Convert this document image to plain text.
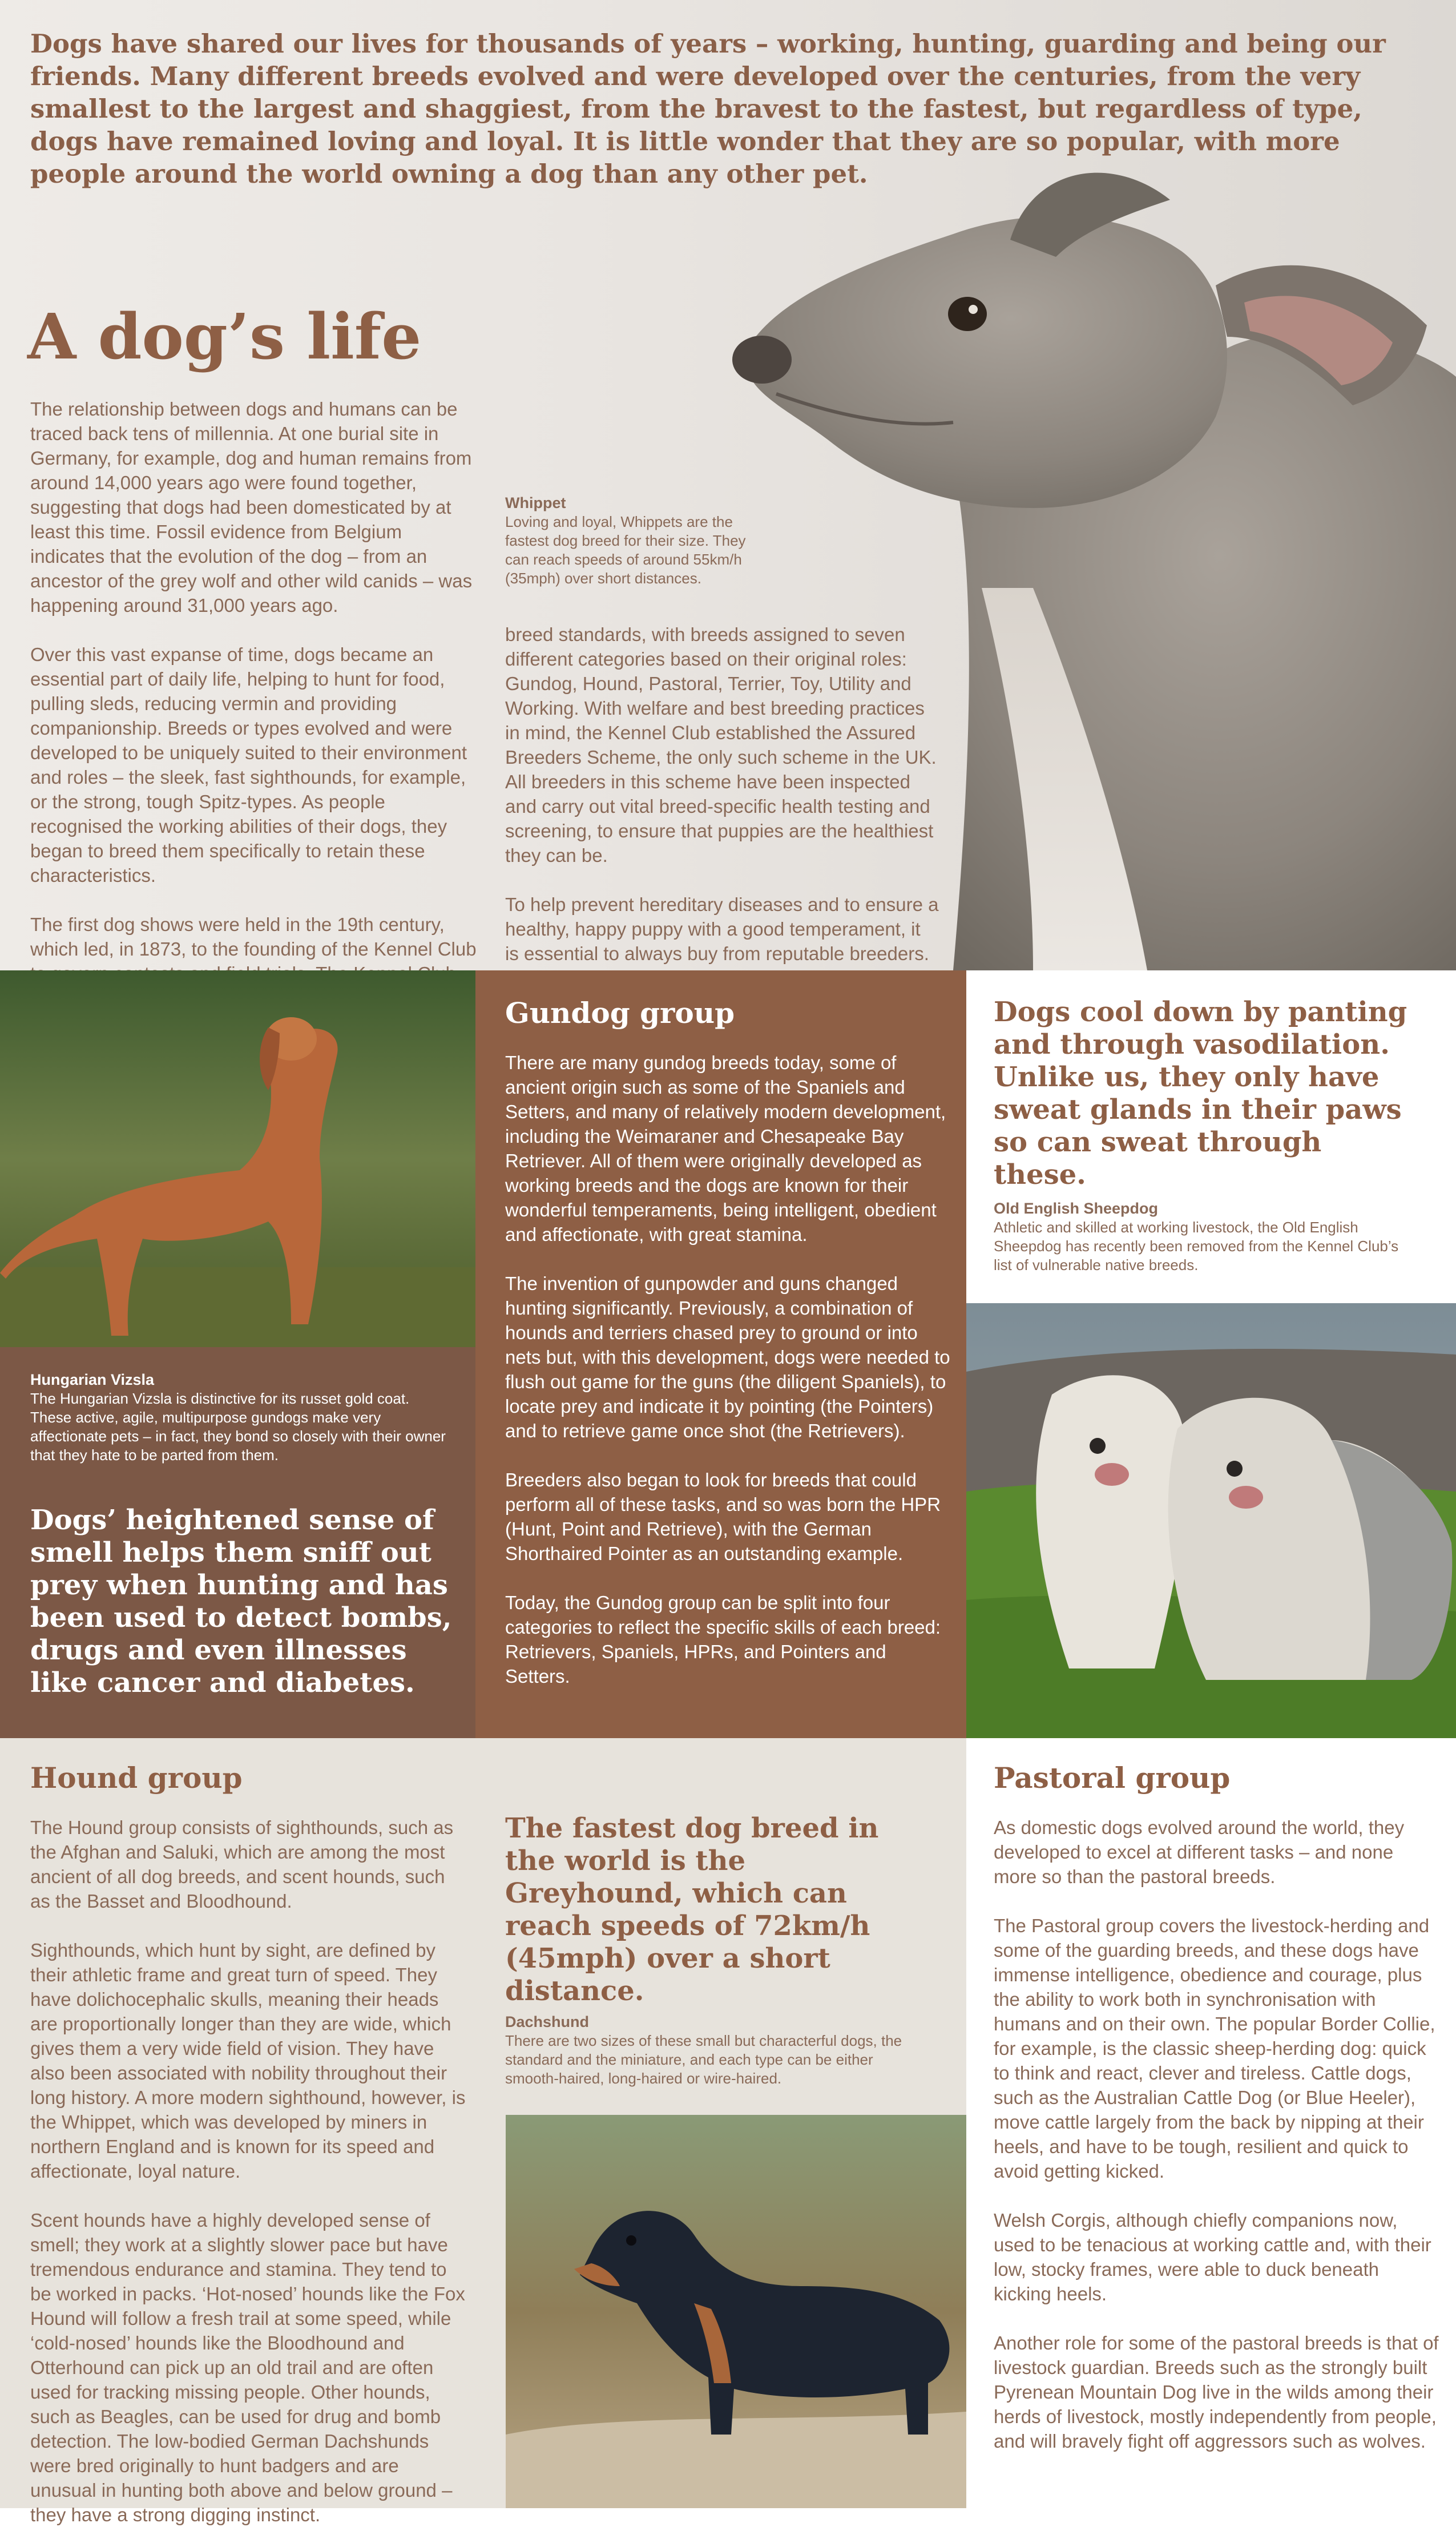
Dogs have shared our lives for thousands of years – working, hunting, guarding and being our friends. Many different breeds evolved and were developed over the centuries, from the very smallest to the largest and shaggiest, from the bravest to the fastest, but regardless of type, dogs have remained loving and loyal. It is little wonder that they are so popular, with more people around the world owning a dog than any other pet.

A dog’s life

The relationship between dogs and humans can be traced back tens of millennia. At one burial site in Germany, for example, dog and human remains from around 14,000 years ago were found together, suggesting that dogs had been domesticated by at least this time. Fossil evidence from Belgium indicates that the evolution of the dog – from an ancestor of the grey wolf and other wild canids – was happening around 31,000 years ago.

Over this vast expanse of time, dogs became an essential part of daily life, helping to hunt for food, pulling sleds, reducing vermin and providing companionship. Breeds or types evolved and were developed to be uniquely suited to their environment and roles – the sleek, fast sighthounds, for example, or the strong, tough Spitz-types. As people recognised the working abilities of their dogs, they began to breed them specifically to retain these characteristics.

The first dog shows were held in the 19th century, which led, in 1873, to the founding of the Kennel Club

Whippet
Loving and loyal, Whippets are the fastest dog breed for their size. They can reach speeds of around 55km/h (35mph) over short distances.

breed standards, with breeds assigned to seven different categories based on their original roles: Gundog, Hound, Pastoral, Terrier, Toy, Utility and Working. With welfare and best breeding practices in mind, the Kennel Club established the Assured Breeders Scheme, the only such scheme in the UK. All breeders in this scheme have been inspected and carry out vital breed-specific health testing and screening, to ensure that puppies are the healthiest they can be.

To help prevent hereditary diseases and to ensure a healthy, happy puppy with a good temperament, it is essential to always buy from reputable breeders.

Hungarian Vizsla
The Hungarian Vizsla is distinctive for its russet gold coat. These active, agile, multipurpose gundogs make very affectionate pets – in fact, they bond so closely with their owner that they hate to be parted from them.

Dogs’ heightened sense of smell helps them sniff out prey when hunting and has been used to detect bombs, drugs and even illnesses like cancer and diabetes.

Gundog group

There are many gundog breeds today, some of ancient origin such as some of the Spaniels and Setters, and many of relatively modern development, including the Weimaraner and Chesapeake Bay Retriever. All of them were originally developed as working breeds and the dogs are known for their wonderful temperaments, being intelligent, obedient and affectionate, with great stamina.

The invention of gunpowder and guns changed hunting significantly. Previously, a combination of hounds and terriers chased prey to ground or into nets but, with this development, dogs were needed to flush out game for the guns (the diligent Spaniels), to locate prey and indicate it by pointing (the Pointers) and to retrieve game once shot (the Retrievers).

Breeders also began to look for breeds that could perform all of these tasks, and so was born the HPR (Hunt, Point and Retrieve), with the German Shorthaired Pointer as an outstanding example.

Today, the Gundog group can be split into four categories to reflect the specific skills of each breed: Retrievers, Spaniels, HPRs, and Pointers and Setters.

Dogs cool down by panting and through vasodilation. Unlike us, they only have sweat glands in their paws so can sweat through these.

Old English Sheepdog
Athletic and skilled at working livestock, the Old English Sheepdog has recently been removed from the Kennel Club’s list of vulnerable native breeds.
Hound group

The Hound group consists of sighthounds, such as the Afghan and Saluki, which are among the most ancient of all dog breeds, and scent hounds, such as the Basset and Bloodhound.

Sighthounds, which hunt by sight, are defined by their athletic frame and great turn of speed. They have dolichocephalic skulls, meaning their heads are proportionally longer than they are wide, which gives them a very wide field of vision. They have also been associated with nobility throughout their long history. A more modern sighthound, however, is the Whippet, which was developed by miners in northern England and is known for its speed and affectionate, loyal nature.

Scent hounds have a highly developed sense of smell; they work at a slightly slower pace but have tremendous endurance and stamina. They tend to be worked in packs. ‘Hot-nosed’ hounds like the Fox Hound will follow a fresh trail at some speed, while ‘cold-nosed’ hounds like the Bloodhound and Otterhound can pick up an old trail and are often used for tracking missing people. Other hounds, such as Beagles, can be used for drug and bomb detection. The low-bodied German Dachshunds were bred originally to hunt badgers and are unusual in hunting both above and below ground – they have a strong digging instinct.

The fastest dog breed in the world is the Greyhound, which can reach speeds of 72km/h (45mph) over a short distance.

Dachshund
There are two sizes of these small but characterful dogs, the standard and the miniature, and each type can be either smooth-haired, long-haired or wire-haired.
Pastoral group

As domestic dogs evolved around the world, they developed to excel at different tasks – and none more so than the pastoral breeds.

The Pastoral group covers the livestock-herding and some of the guarding breeds, and these dogs have immense intelligence, obedience and courage, plus the ability to work both in synchronisation with humans and on their own. The popular Border Collie, for example, is the classic sheep-herding dog: quick to think and react, clever and tireless. Cattle dogs, such as the Australian Cattle Dog (or Blue Heeler), move cattle largely from the back by nipping at their heels, and have to be tough, resilient and quick to avoid getting kicked.

Welsh Corgis, although chiefly companions now, used to be tenacious at working cattle and, with their low, stocky frames, were able to duck beneath kicking heels.

Another role for some of the pastoral breeds is that of livestock guardian. Breeds such as the strongly built Pyrenean Mountain Dog live in the wilds among their herds of livestock, mostly independently from people, and will bravely fight off aggressors such as wolves.
